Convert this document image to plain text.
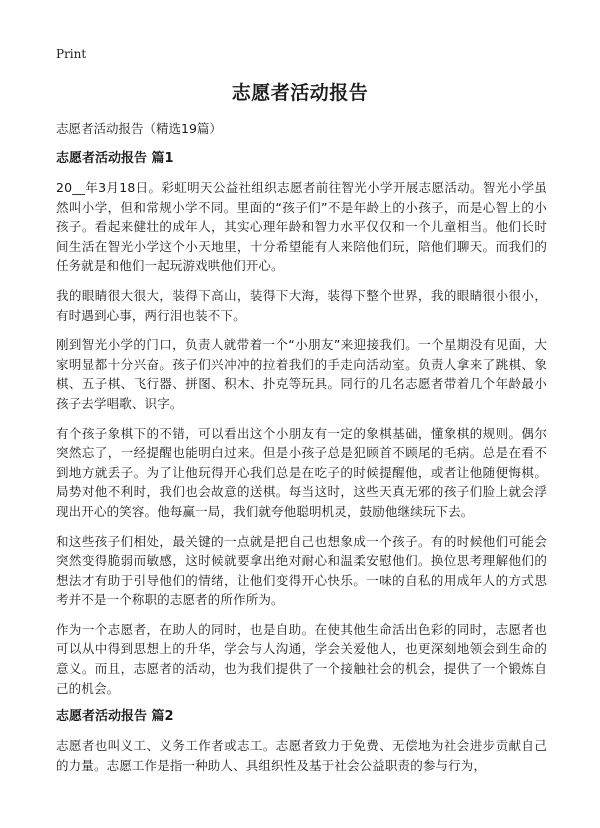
Print
志愿者活动报告
志愿者活动报告（精选19篇）
志愿者活动报告 篇1

20__年3月18日。彩虹明天公益社组织志愿者前往智光小学开展志愿活动。智光小学虽然叫小学，但和常规小学不同。里面的“孩子们”不是年龄上的小孩子，而是心智上的小孩子。看起来健壮的成年人，其实心理年龄和智力水平仅仅和一个儿童相当。他们长时间生活在智光小学这个小天地里，十分希望能有人来陪他们玩，陪他们聊天。而我们的任务就是和他们一起玩游戏哄他们开心。

我的眼睛很大很大，装得下高山，装得下大海，装得下整个世界，我的眼睛很小很小，有时遇到心事，两行泪也装不下。

刚到智光小学的门口，负责人就带着一个“小朋友”来迎接我们。一个星期没有见面，大家明显都十分兴奋。孩子们兴冲冲的拉着我们的手走向活动室。负责人拿来了跳棋、象棋、五子棋、飞行器、拼图、积木、扑克等玩具。同行的几名志愿者带着几个年龄最小孩子去学唱歌、识字。

有个孩子象棋下的不错，可以看出这个小朋友有一定的象棋基础，懂象棋的规则。偶尔突然忘了，一经提醒也能明白过来。但是小孩子总是犯顾首不顾尾的毛病。总是在看不到地方就丢子。为了让他玩得开心我们总是在吃子的时候提醒他，或者让他随便悔棋。局势对他不利时，我们也会故意的送棋。每当这时，这些天真无邪的孩子们脸上就会浮现出开心的笑容。他每赢一局，我们就夸他聪明机灵，鼓励他继续玩下去。

和这些孩子们相处，最关键的一点就是把自己也想象成一个孩子。有的时候他们可能会突然变得脆弱而敏感，这时候就要拿出绝对耐心和温柔安慰他们。换位思考理解他们的想法才有助于引导他们的情绪，让他们变得开心快乐。一味的自私的用成年人的方式思考并不是一个称职的志愿者的所作所为。

作为一个志愿者，在助人的同时，也是自助。在使其他生命活出色彩的同时，志愿者也可以从中得到思想上的升华，学会与人沟通，学会关爱他人，也更深刻地领会到生命的意义。而且，志愿者的活动，也为我们提供了一个接触社会的机会，提供了一个锻炼自己的机会。

志愿者活动报告 篇2

志愿者也叫义工、义务工作者或志工。志愿者致力于免费、无偿地为社会进步贡献自己的力量。志愿工作是指一种助人、具组织性及基于社会公益职责的参与行为，
